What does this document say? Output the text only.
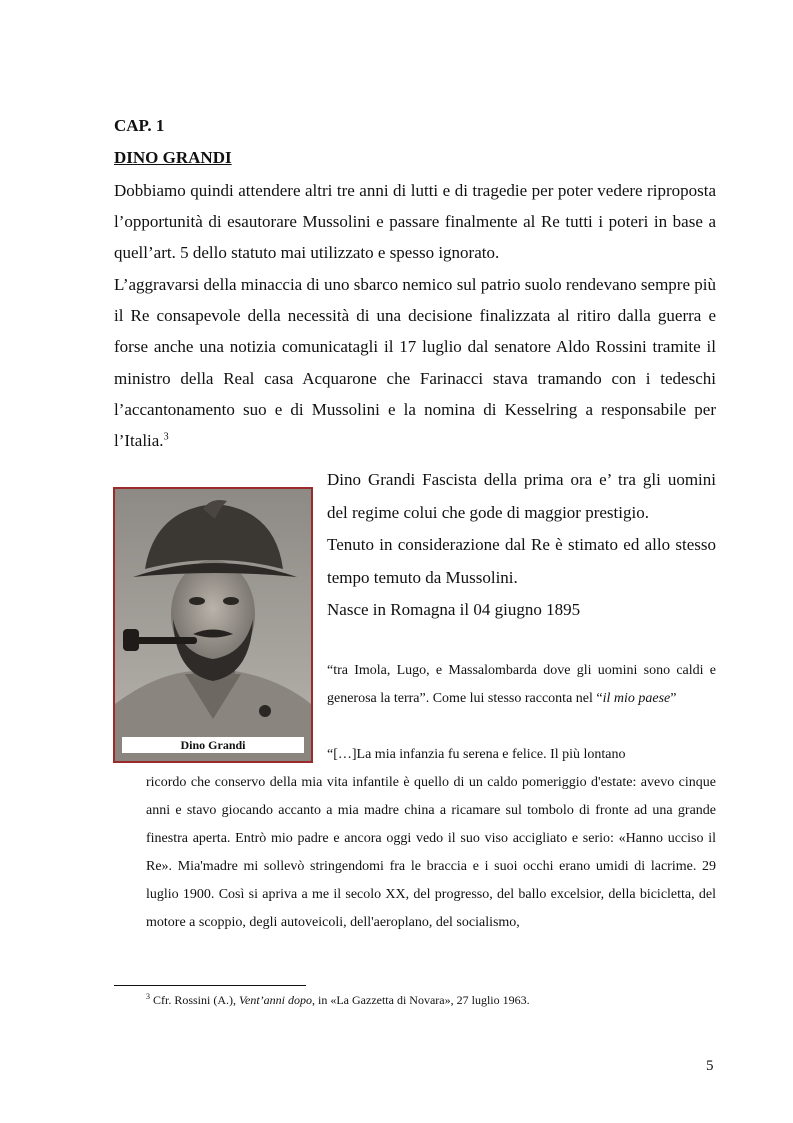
CAP. 1
DINO GRANDI

Dobbiamo quindi attendere altri tre anni di lutti e di tragedie per poter vedere riproposta l’opportunità di esautorare Mussolini e passare finalmente al Re tutti i poteri in base a quell’art. 5 dello statuto mai utilizzato e spesso ignorato.

L’aggravarsi della minaccia di uno sbarco nemico sul patrio suolo rendevano sempre più il Re consapevole della necessità di una decisione finalizzata al ritiro dalla guerra e forse anche una notizia comunicatagli il 17 luglio dal senatore Aldo Rossini tramite il ministro della Real casa Acquarone che Farinacci stava tramando con i tedeschi l’accantonamento suo e di Mussolini e la nomina di Kesselring a responsabile per l’Italia.$^3$

Dino Grandi

Dino Grandi Fascista della prima ora e’ tra gli uomini del regime colui che gode di maggior prestigio.
Tenuto in considerazione dal Re è stimato ed allo stesso tempo temuto da Mussolini.
Nasce in Romagna il 04 giugno 1895

“tra Imola, Lugo, e Massalombarda dove gli uomini sono caldi e generosa la terra”. Come lui stesso racconta nel “il mio paese”

“[…]La mia infanzia fu serena e felice. Il più lontano
ricordo che conservo della mia vita infantile è quello di un caldo pomeriggio d'estate: avevo cinque anni e stavo giocando accanto a mia madre china a ricamare sul tombolo di fronte ad una grande finestra aperta. Entrò mio padre e ancora oggi vedo il suo viso accigliato e serio: «Hanno ucciso il Re». Mia'madre mi sollevò stringendomi fra le braccia e i suoi occhi erano umidi di lacrime. 29 luglio 1900. Così si apriva a me il secolo XX, del progresso, del ballo excelsior, della bicicletta, del motore a scoppio, degli autoveicoli, dell'aeroplano, del socialismo,

$^3$ Cfr. Rossini (A.), Vent’anni dopo, in «La Gazzetta di Novara», 27 luglio 1963.
5
